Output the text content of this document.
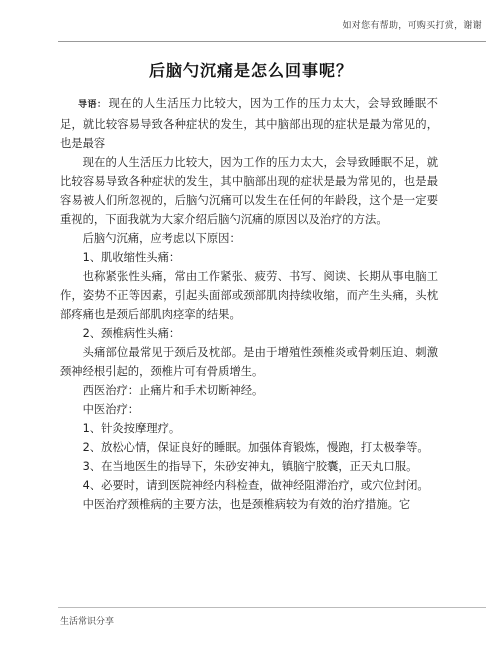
如对您有帮助，可购买打赏，谢谢
后脑勺沉痛是怎么回事呢？

导语： 现在的人生活压力比较大，因为工作的压力太大，会导致睡眠不足，就比较容易导致各种症状的发生，其中脑部出现的症状是最为常见的，也是最容

现在的人生活压力比较大，因为工作的压力太大，会导致睡眠不足，就比较容易导致各种症状的发生，其中脑部出现的症状是最为常见的，也是最容易被人们所忽视的，后脑勺沉痛可以发生在任何的年龄段，这个是一定要重视的，下面我就为大家介绍后脑勺沉痛的原因以及治疗的方法。

后脑勺沉痛，应考虑以下原因：

1、肌收缩性头痛：

也称紧张性头痛，常由工作紧张、疲劳、书写、阅读、长期从事电脑工作，姿势不正等因素，引起头面部或颈部肌肉持续收缩，而产生头痛，头枕部疼痛也是颈后部肌肉痉挛的结果。

2、颈椎病性头痛：

头痛部位最常见于颈后及枕部。是由于增殖性颈椎炎或骨刺压迫、刺激颈神经根引起的，颈椎片可有骨质增生。

西医治疗：止痛片和手术切断神经。

中医治疗：

1、针灸按摩理疗。

2、放松心情，保证良好的睡眠。加强体育锻炼，慢跑，打太极拳等。

3、在当地医生的指导下，朱砂安神丸，镇脑宁胶囊，正天丸口服。

4、必要时，请到医院神经内科检查，做神经阻滞治疗，或穴位封闭。

中医治疗颈椎病的主要方法，也是颈椎病较为有效的治疗措施。它

生活常识分享
